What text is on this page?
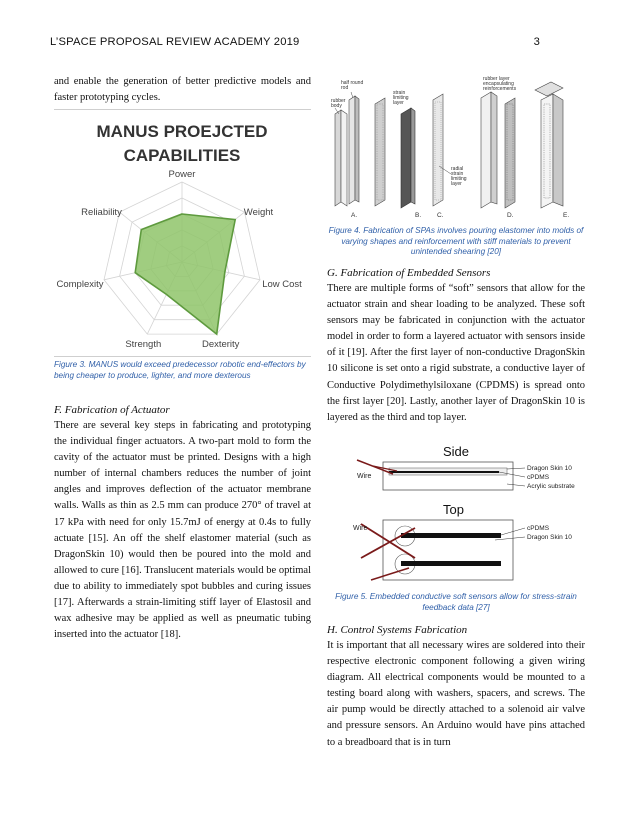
L’SPACE PROPOSAL REVIEW ACADEMY 2019	3

and enable the generation of better predictive models and faster prototyping cycles.

MANUS PROEJCTED
CAPABILITIES
Power
Weight
Low Cost
Dexterity
Strength
Complexity
Reliability
Figure 3. MANUS would exceed predecessor robotic end-effectors by being cheaper to produce, lighter, and more dexterous

F. Fabrication of Actuator

There are several key steps in fabricating and prototyping the individual finger actuators. A two-part mold to form the cavity of the actuator must be printed. Designs with a high number of internal chambers reduces the number of joint angles and improves deflection of the actuator membrane walls. Walls as thin as 2.5 mm can produce 270° of travel at 17 kPa with need for only 15.7mJ of energy at 0.4s to fully actuate [15]. An off the shelf elastomer material (such as DragonSkin 10) would then be poured into the mold and allowed to cure [16]. Translucent materials would be optimal due to ability to immediately spot bubbles and curing issues [17]. Afterwards a strain-limiting stiff layer of Elastosil and wax adhesive may be applied as well as pneumatic tubing inserted into the actuator [18].

half round
rod
rubber
body
strain
limiting
layer
rubber layer
encapsulating
reinforcements
radial
strain
limiting
layer
A.	B. C.	D.	E.
Figure 4. Fabrication of SPAs involves pouring elastomer into molds of varying shapes and reinforcement with stiff materials to prevent unintended shearing [20]

G. Fabrication of Embedded Sensors

There are multiple forms of “soft” sensors that allow for the actuator strain and shear loading to be analyzed. These soft sensors may be fabricated in conjunction with the actuator model in order to form a layered actuator with sensors inside of it [19]. After the first layer of non-conductive DragonSkin 10 silicone is set onto a rigid substrate, a conductive layer of Conductive Polydimethylsiloxane (CPDMS) is spread onto the first layer [20]. Lastly, another layer of DragonSkin 10 is layered as the third and top layer.

Side
Wire
Dragon Skin 10
cPDMS
Acrylic substrate
Top
Wire	cPDMS
Dragon Skin 10
Figure 5. Embedded conductive soft sensors allow for stress-strain feedback data [27]

H. Control Systems Fabrication

It is important that all necessary wires are soldered into their respective electronic component following a given wiring diagram. All electrical components would be mounted to a testing board along with washers, spacers, and screws. The air pump would be directly attached to a solenoid air valve and pressure sensors. An Arduino would have pins attached to a breadboard that is in turn
